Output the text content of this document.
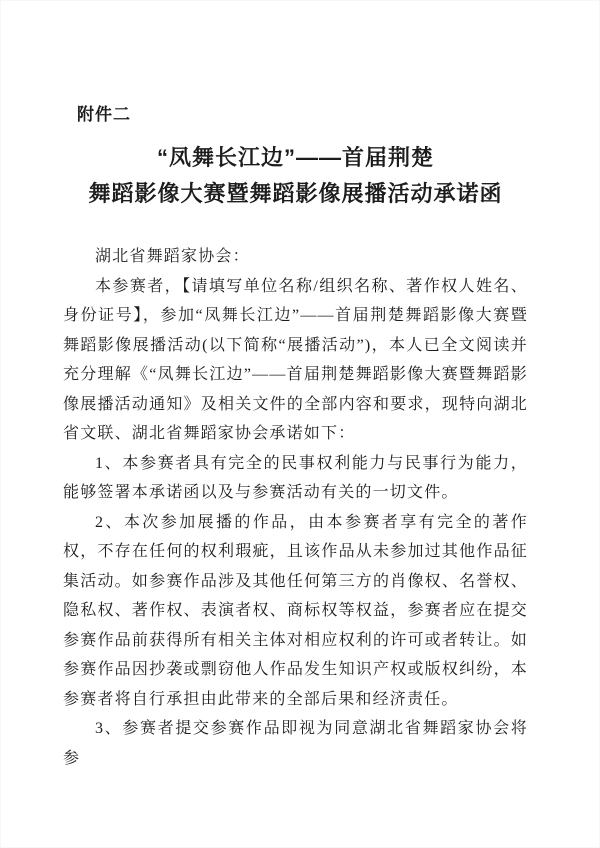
附件二
“凤舞长江边”——首届荆楚
舞蹈影像大赛暨舞蹈影像展播活动承诺函

湖北省舞蹈家协会：

本参赛者，【请填写单位名称/组织名称、著作权人姓名、身份证号】，参加“凤舞长江边”——首届荆楚舞蹈影像大赛暨舞蹈影像展播活动(以下简称“展播活动”)，本人已全文阅读并充分理解《“凤舞长江边”——首届荆楚舞蹈影像大赛暨舞蹈影像展播活动通知》及相关文件的全部内容和要求，现特向湖北省文联、湖北省舞蹈家协会承诺如下：

1、本参赛者具有完全的民事权利能力与民事行为能力，能够签署本承诺函以及与参赛活动有关的一切文件。

2、本次参加展播的作品，由本参赛者享有完全的著作权，不存在任何的权利瑕疵，且该作品从未参加过其他作品征集活动。如参赛作品涉及其他任何第三方的肖像权、名誉权、隐私权、著作权、表演者权、商标权等权益，参赛者应在提交参赛作品前获得所有相关主体对相应权利的许可或者转让。如参赛作品因抄袭或剽窃他人作品发生知识产权或版权纠纷，本参赛者将自行承担由此带来的全部后果和经济责任。

3、参赛者提交参赛作品即视为同意湖北省舞蹈家协会将参
